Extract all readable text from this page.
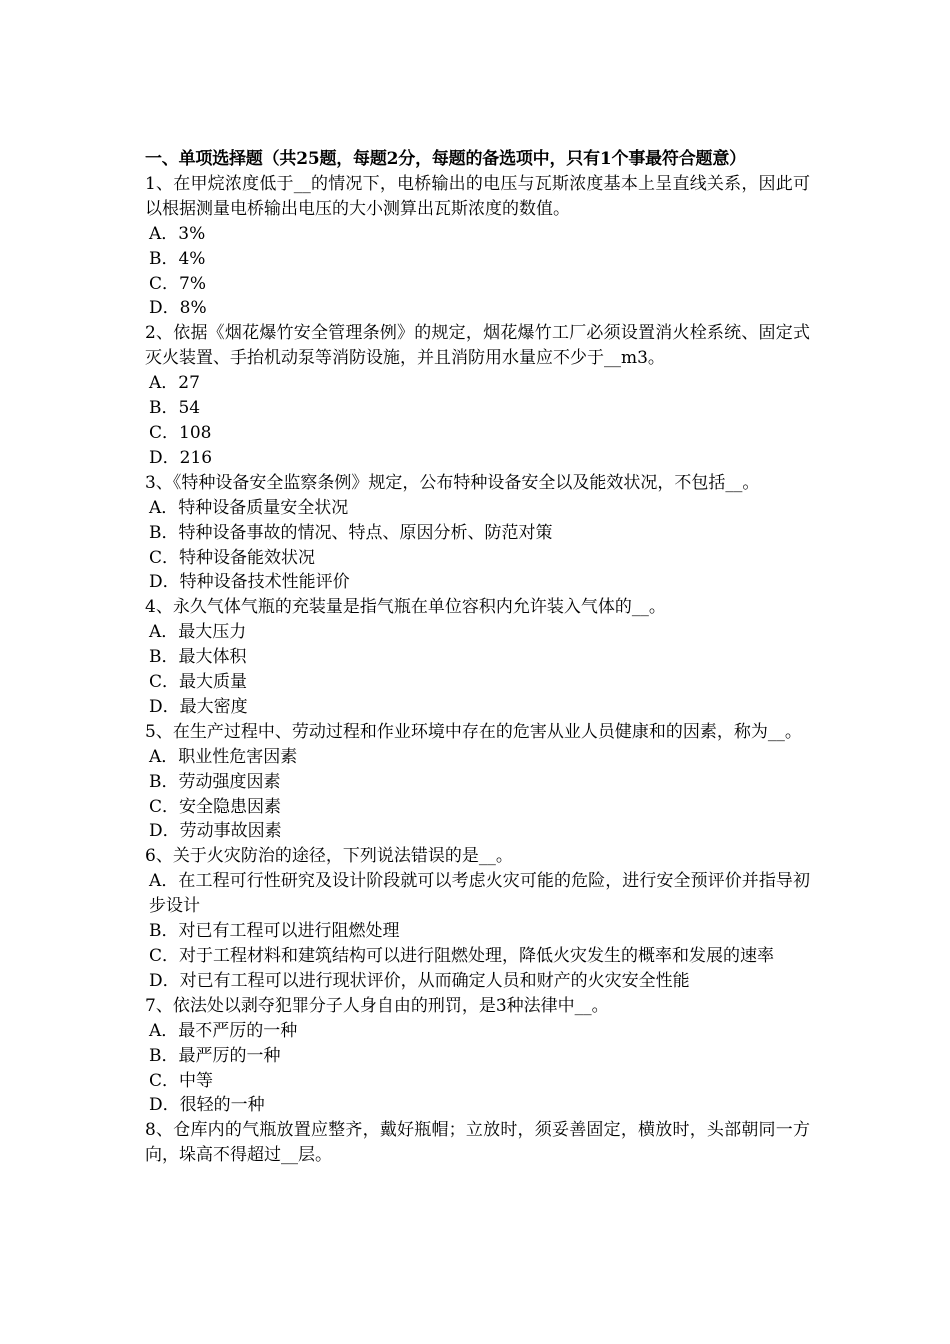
一、单项选择题（共25题，每题2分，每题的备选项中，只有1个事最符合题意）
1、在甲烷浓度低于__的情况下，电桥输出的电压与瓦斯浓度基本上呈直线关系，因此可以根据测量电桥输出电压的大小测算出瓦斯浓度的数值。
A．3%
B．4%
C．7%
D．8%
2、依据《烟花爆竹安全管理条例》的规定，烟花爆竹工厂必须设置消火栓系统、固定式灭火装置、手抬机动泵等消防设施，并且消防用水量应不少于__m3。
A．27
B．54
C．108
D．216
3、《特种设备安全监察条例》规定，公布特种设备安全以及能效状况，不包括__。
A．特种设备质量安全状况
B．特种设备事故的情况、特点、原因分析、防范对策
C．特种设备能效状况
D．特种设备技术性能评价
4、永久气体气瓶的充装量是指气瓶在单位容积内允许装入气体的__。
A．最大压力
B．最大体积
C．最大质量
D．最大密度
5、在生产过程中、劳动过程和作业环境中存在的危害从业人员健康和的因素，称为__。
A．职业性危害因素
B．劳动强度因素
C．安全隐患因素
D．劳动事故因素
6、关于火灾防治的途径，下列说法错误的是__。
A．在工程可行性研究及设计阶段就可以考虑火灾可能的危险，进行安全预评价并指导初步设计
B．对已有工程可以进行阻燃处理
C．对于工程材料和建筑结构可以进行阻燃处理，降低火灾发生的概率和发展的速率
D．对已有工程可以进行现状评价，从而确定人员和财产的火灾安全性能
7、依法处以剥夺犯罪分子人身自由的刑罚，是3种法律中__。
A．最不严厉的一种
B．最严厉的一种
C．中等
D．很轻的一种
8、仓库内的气瓶放置应整齐，戴好瓶帽；立放时，须妥善固定，横放时，头部朝同一方向，垛高不得超过__层。
